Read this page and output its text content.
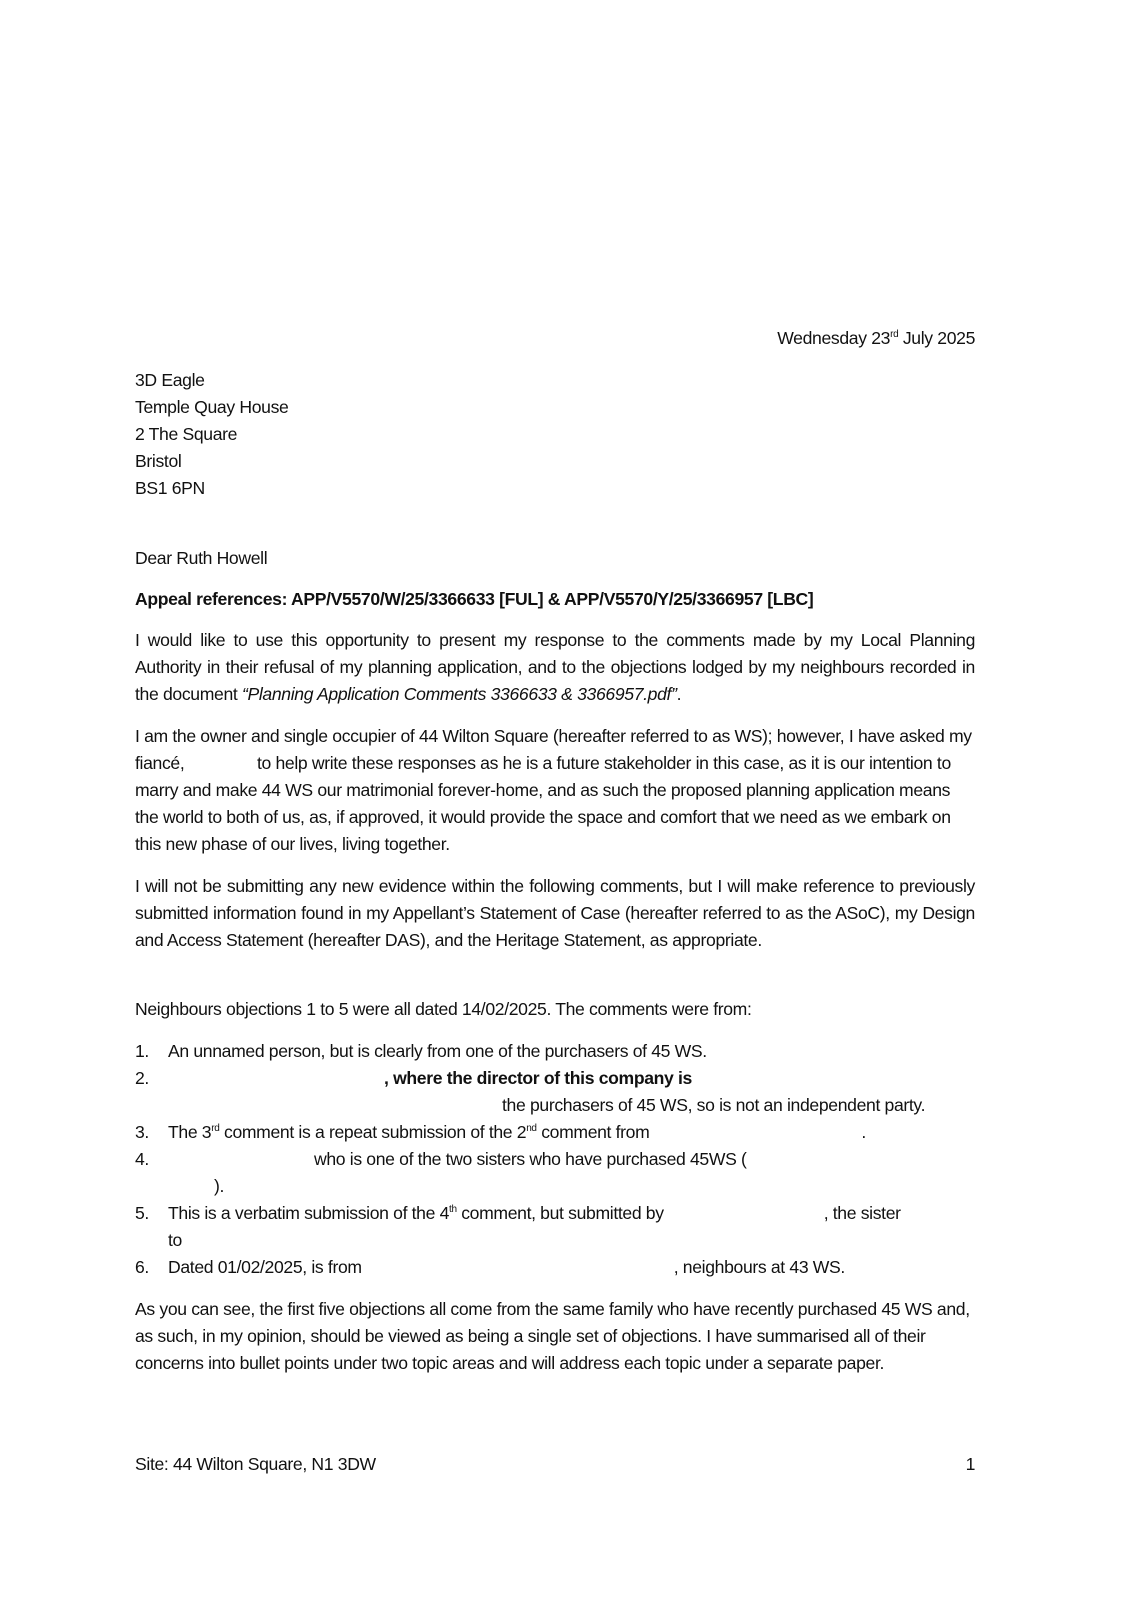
Wednesday 23rd July 2025
3D Eagle
Temple Quay House
2 The Square
Bristol
BS1 6PN
Dear Ruth Howell
Appeal references: APP/V5570/W/25/3366633 [FUL] & APP/V5570/Y/25/3366957 [LBC]
I would like to use this opportunity to present my response to the comments made by my Local Planning Authority in their refusal of my planning application, and to the objections lodged by my neighbours recorded in the document “Planning Application Comments 3366633 & 3366957.pdf”.
I am the owner and single occupier of 44 Wilton Square (hereafter referred to as WS); however, I have asked my fiancé,	to help write these responses as he is a future stakeholder in this case, as it is our intention to marry and make 44 WS our matrimonial forever-home, and as such the proposed planning application means the world to both of us, as, if approved, it would provide the space and comfort that we need as we embark on this new phase of our lives, living together.
I will not be submitting any new evidence within the following comments, but I will make reference to previously submitted information found in my Appellant’s Statement of Case (hereafter referred to as the ASoC), my Design and Access Statement (hereafter DAS), and the Heritage Statement, as appropriate.
Neighbours objections 1 to 5 were all dated 14/02/2025. The comments were from:
1. An unnamed person, but is clearly from one of the purchasers of 45 WS.
2.	, where the director of this company is
the purchasers of 45 WS, so is not an independent party.
3. The 3rd comment is a repeat submission of the 2nd comment from	.
4.	who is one of the two sisters who have purchased 45WS (
).
5. This is a verbatim submission of the 4th comment, but submitted by	, the sister
to
6. Dated 01/02/2025, is from	, neighbours at 43 WS.
As you can see, the first five objections all come from the same family who have recently purchased 45 WS and, as such, in my opinion, should be viewed as being a single set of objections. I have summarised all of their concerns into bullet points under two topic areas and will address each topic under a separate paper.
Site: 44 Wilton Square, N1 3DW	1
